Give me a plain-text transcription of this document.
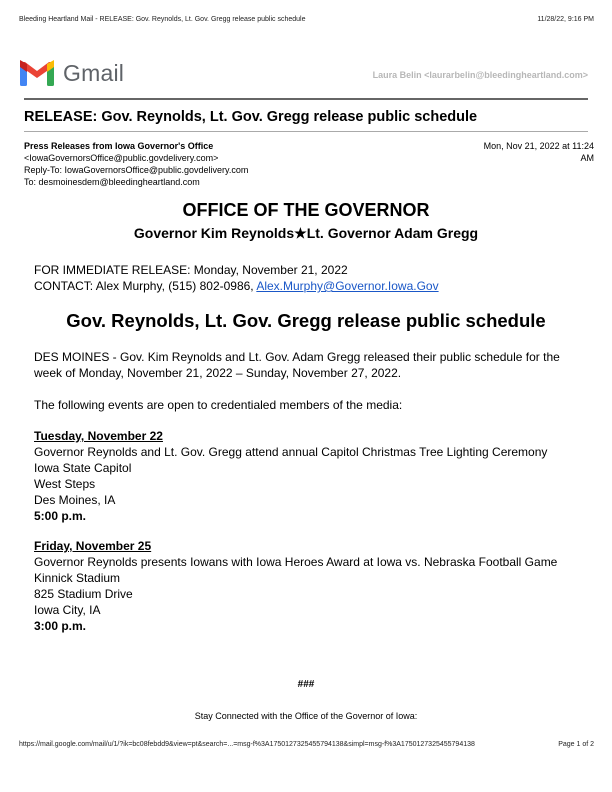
Bleeding Heartland Mail - RELEASE: Gov. Reynolds, Lt. Gov. Gregg release public schedule	11/28/22, 9:16 PM
Gmail	Laura Belin <laurarbelin@bleedingheartland.com>
RELEASE: Gov. Reynolds, Lt. Gov. Gregg release public schedule
Press Releases from Iowa Governor's Office
<IowaGovernorsOffice@public.govdelivery.com>
Reply-To: IowaGovernorsOffice@public.govdelivery.com
To: desmoinesdem@bleedingheartland.com
Mon, Nov 21, 2022 at 11:24
AM
OFFICE OF THE GOVERNOR
Governor Kim Reynolds★Lt. Governor Adam Gregg
FOR IMMEDIATE RELEASE: Monday, November 21, 2022
CONTACT: Alex Murphy, (515) 802-0986, Alex.Murphy@Governor.Iowa.Gov
Gov. Reynolds, Lt. Gov. Gregg release public schedule
DES MOINES - Gov. Kim Reynolds and Lt. Gov. Adam Gregg released their public schedule for the week of Monday, November 21, 2022 – Sunday, November 27, 2022.
The following events are open to credentialed members of the media:
Tuesday, November 22
Governor Reynolds and Lt. Gov. Gregg attend annual Capitol Christmas Tree Lighting Ceremony
Iowa State Capitol
West Steps
Des Moines, IA
5:00 p.m.
Friday, November 25
Governor Reynolds presents Iowans with Iowa Heroes Award at Iowa vs. Nebraska Football Game
Kinnick Stadium
825 Stadium Drive
Iowa City, IA
3:00 p.m.
###
Stay Connected with the Office of the Governor of Iowa:
https://mail.google.com/mail/u/1/?ik=bc08febdd9&view=pt&search=...=msg-f%3A1750127325455794138&simpl=msg-f%3A1750127325455794138	Page 1 of 2
